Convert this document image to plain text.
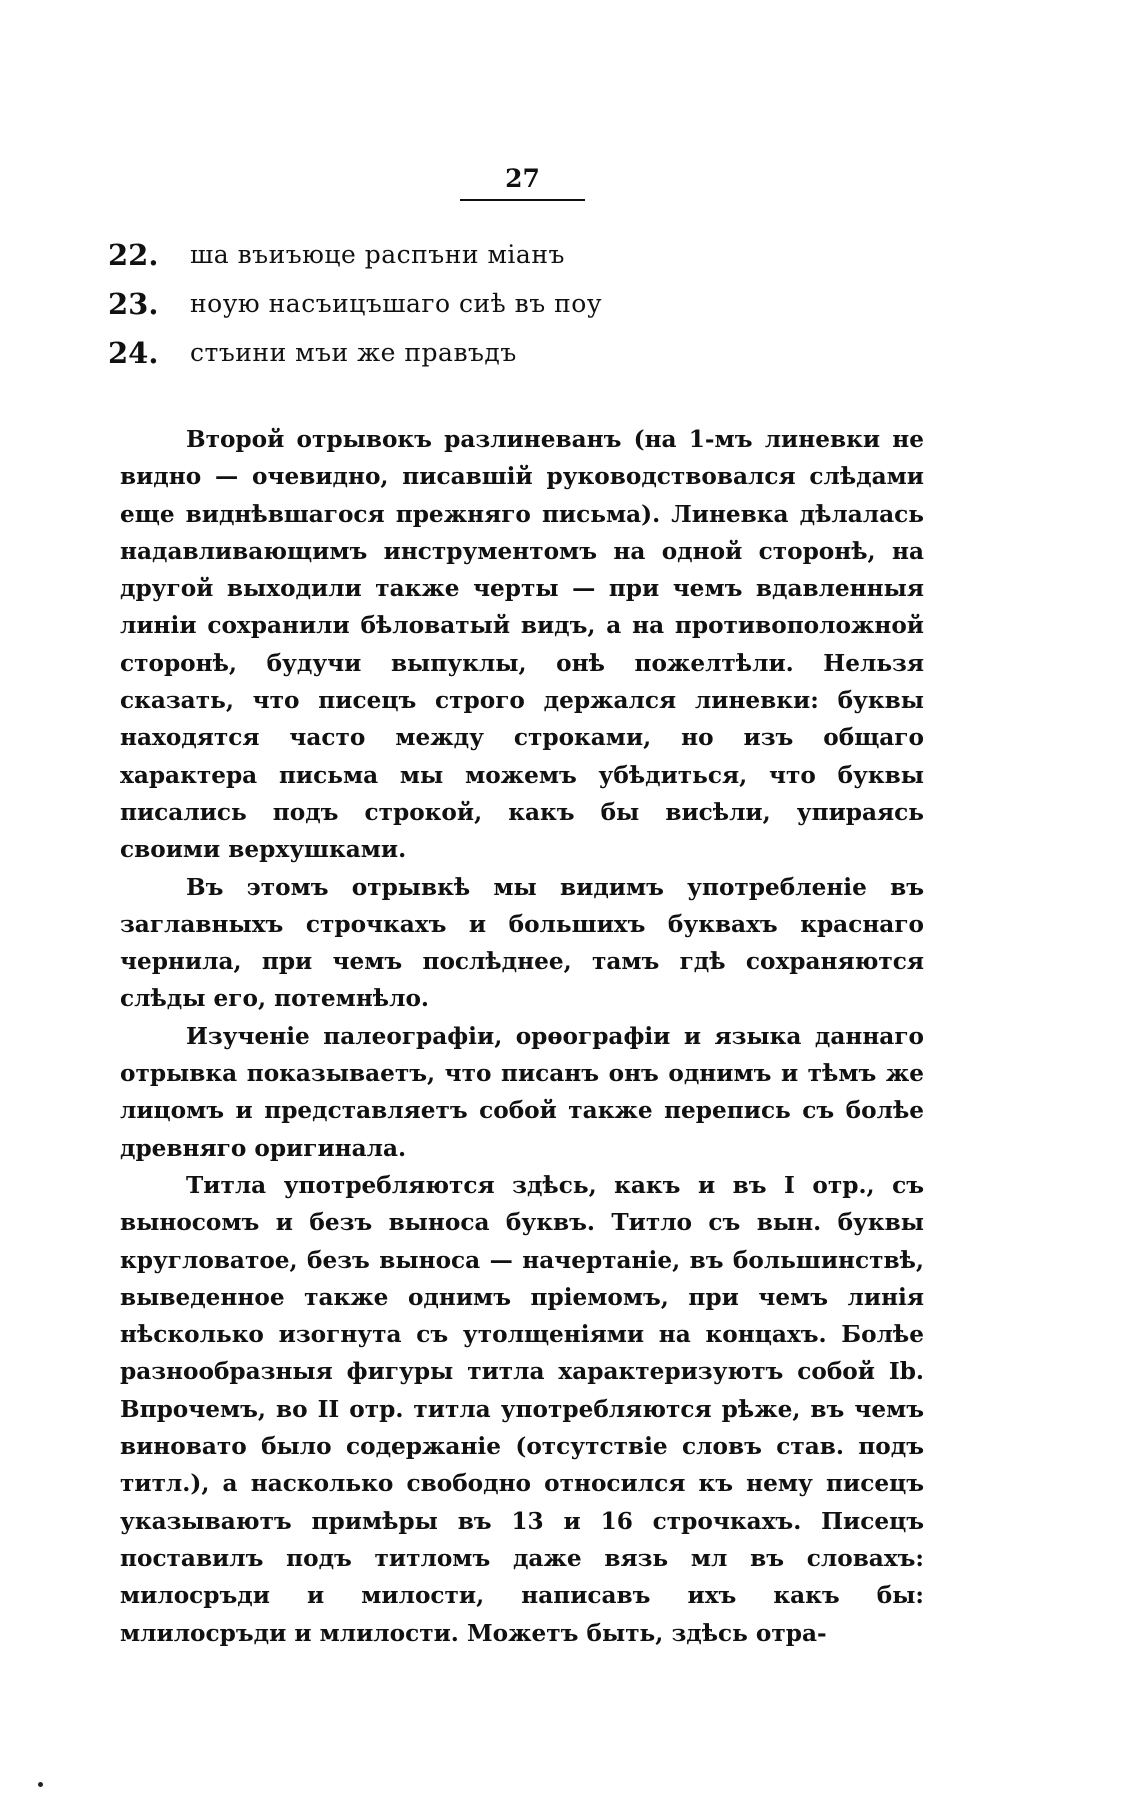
27
22.	ша въиъюце распъни міанъ
23.	ноую насъицъшаго сиѣ въ поу
24.	стъини мъи же правъдъ

Второй отрывокъ разлиневанъ (на 1-мъ линевки не видно — очевидно, писавшій руководствовался слѣдами еще виднѣвшагося прежняго письма). Линевка дѣлалась надавливающимъ инструментомъ на одной сторонѣ, на другой выходили также черты — при чемъ вдавленныя линіи сохранили бѣловатый видъ, а на противоположной сторонѣ, будучи выпуклы, онѣ пожелтѣли. Нельзя сказать, что писецъ строго держался линевки: буквы находятся часто между строками, но изъ общаго характера письма мы можемъ убѣдиться, что буквы писались подъ строкой, какъ бы висѣли, упираясь своими верхушками.

Въ этомъ отрывкѣ мы видимъ употребленіе въ заглавныхъ строчкахъ и большихъ буквахъ краснаго чернила, при чемъ послѣднее, тамъ гдѣ сохраняются слѣды его, потемнѣло.

Изученіе палеографіи, орѳографіи и языка даннаго отрывка показываетъ, что писанъ онъ однимъ и тѣмъ же лицомъ и представляетъ собой также перепись съ болѣе древняго оригинала.

Титла употребляются здѣсь, какъ и въ I отр., съ выносомъ и безъ выноса буквъ. Титло съ вын. буквы кругловатое, безъ выноса — начертаніе, въ большинствѣ, выведенное также однимъ пріемомъ, при чемъ линія нѣсколько изогнута съ утолщеніями на концахъ. Болѣе разнообразныя фигуры титла характеризуютъ собой Ib. Впрочемъ, во II отр. титла употребляются рѣже, въ чемъ виновато было содержаніе (отсутствіе словъ став. подъ титл.), а насколько свободно относился къ нему писецъ указываютъ примѣры въ 13 и 16 строчкахъ. Писецъ поставилъ подъ титломъ даже вязь мл въ словахъ: милосръди и милости, написавъ ихъ какъ бы: млилосръди и млилости. Можетъ быть, здѣсь отра-
